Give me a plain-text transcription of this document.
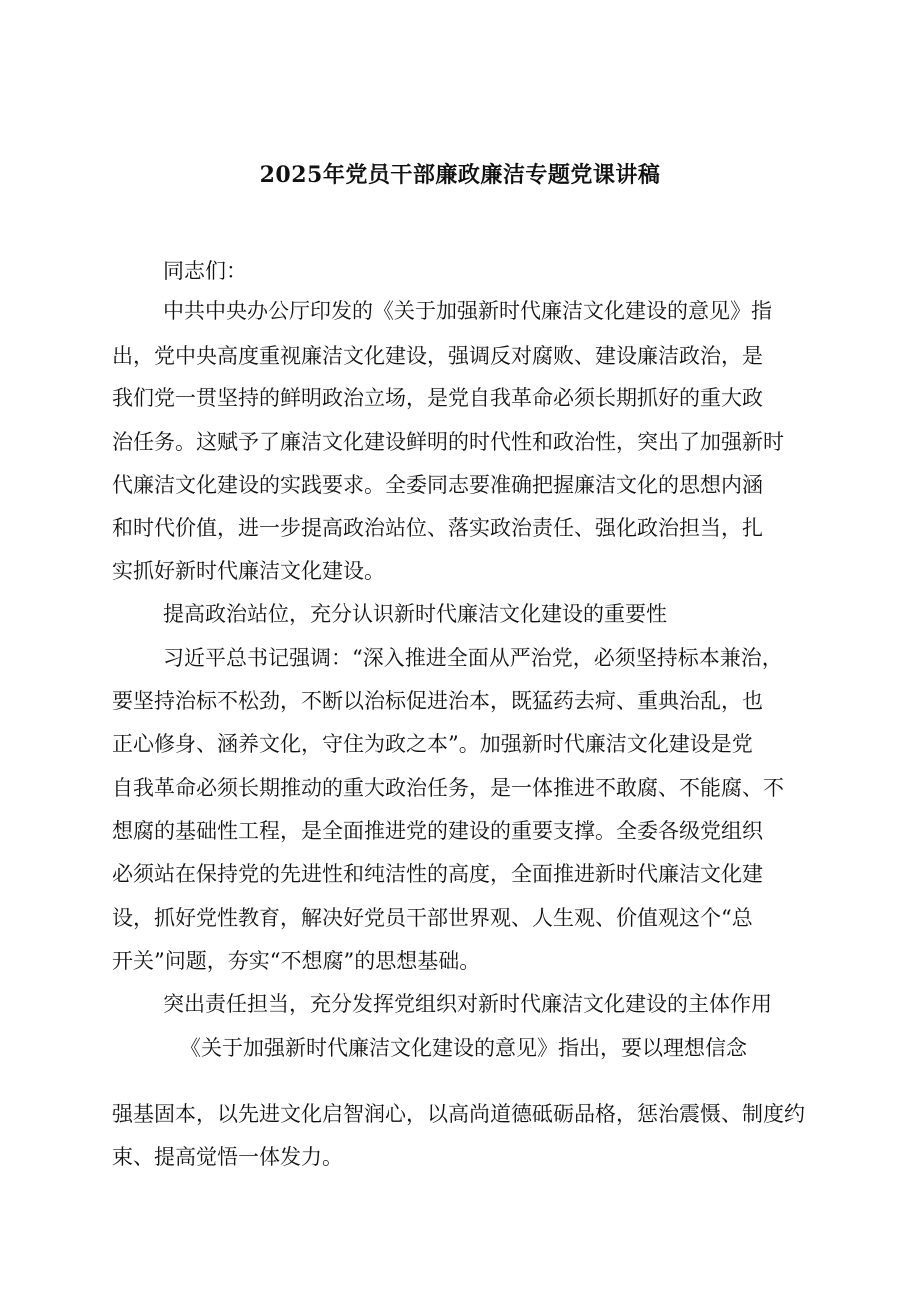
2025年党员干部廉政廉洁专题党课讲稿
同志们：
中共中央办公厅印发的《关于加强新时代廉洁文化建设的意见》指
出，党中央高度重视廉洁文化建设，强调反对腐败、建设廉洁政治，是
我们党一贯坚持的鲜明政治立场，是党自我革命必须长期抓好的重大政
治任务。这赋予了廉洁文化建设鲜明的时代性和政治性，突出了加强新时
代廉洁文化建设的实践要求。全委同志要准确把握廉洁文化的思想内涵
和时代价值，进一步提高政治站位、落实政治责任、强化政治担当，扎
实抓好新时代廉洁文化建设。
提高政治站位，充分认识新时代廉洁文化建设的重要性
习近平总书记强调：“深入推进全面从严治党，必须坚持标本兼治，
要坚持治标不松劲，不断以治标促进治本，既猛药去疴、重典治乱，也
正心修身、涵养文化，守住为政之本”。加强新时代廉洁文化建设是党
自我革命必须长期推动的重大政治任务，是一体推进不敢腐、不能腐、不
想腐的基础性工程，是全面推进党的建设的重要支撑。全委各级党组织
必须站在保持党的先进性和纯洁性的高度，全面推进新时代廉洁文化建
设，抓好党性教育，解决好党员干部世界观、人生观、价值观这个“总
开关”问题，夯实“不想腐”的思想基础。
突出责任担当，充分发挥党组织对新时代廉洁文化建设的主体作用
《关于加强新时代廉洁文化建设的意见》指出，要以理想信念
强基固本，以先进文化启智润心，以高尚道德砥砺品格，惩治震慑、制度约
束、提高觉悟一体发力。
